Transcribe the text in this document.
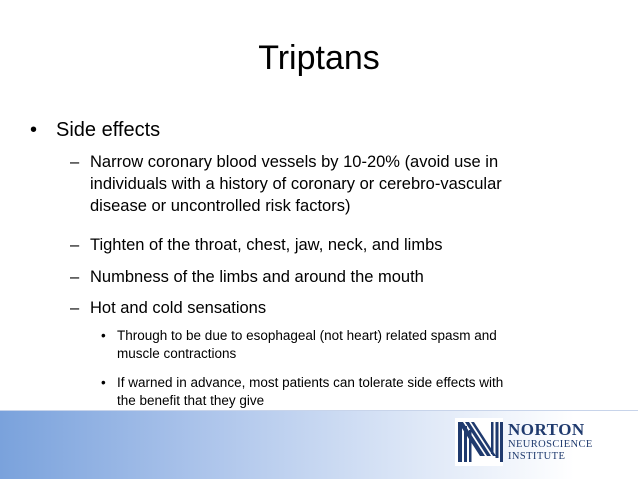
Triptans
• Side effects
– Narrow coronary blood vessels by 10-20% (avoid use in
individuals with a history of coronary or cerebro-vascular
disease or uncontrolled risk factors)
– Tighten of the throat, chest, jaw, neck, and limbs
– Numbness of the limbs and around the mouth
– Hot and cold sensations
• Through to be due to esophageal (not heart) related spasm and
muscle contractions
• If warned in advance, most patients can tolerate side effects with
the benefit that they give
NORTON
NEUROSCIENCE
INSTITUTE
